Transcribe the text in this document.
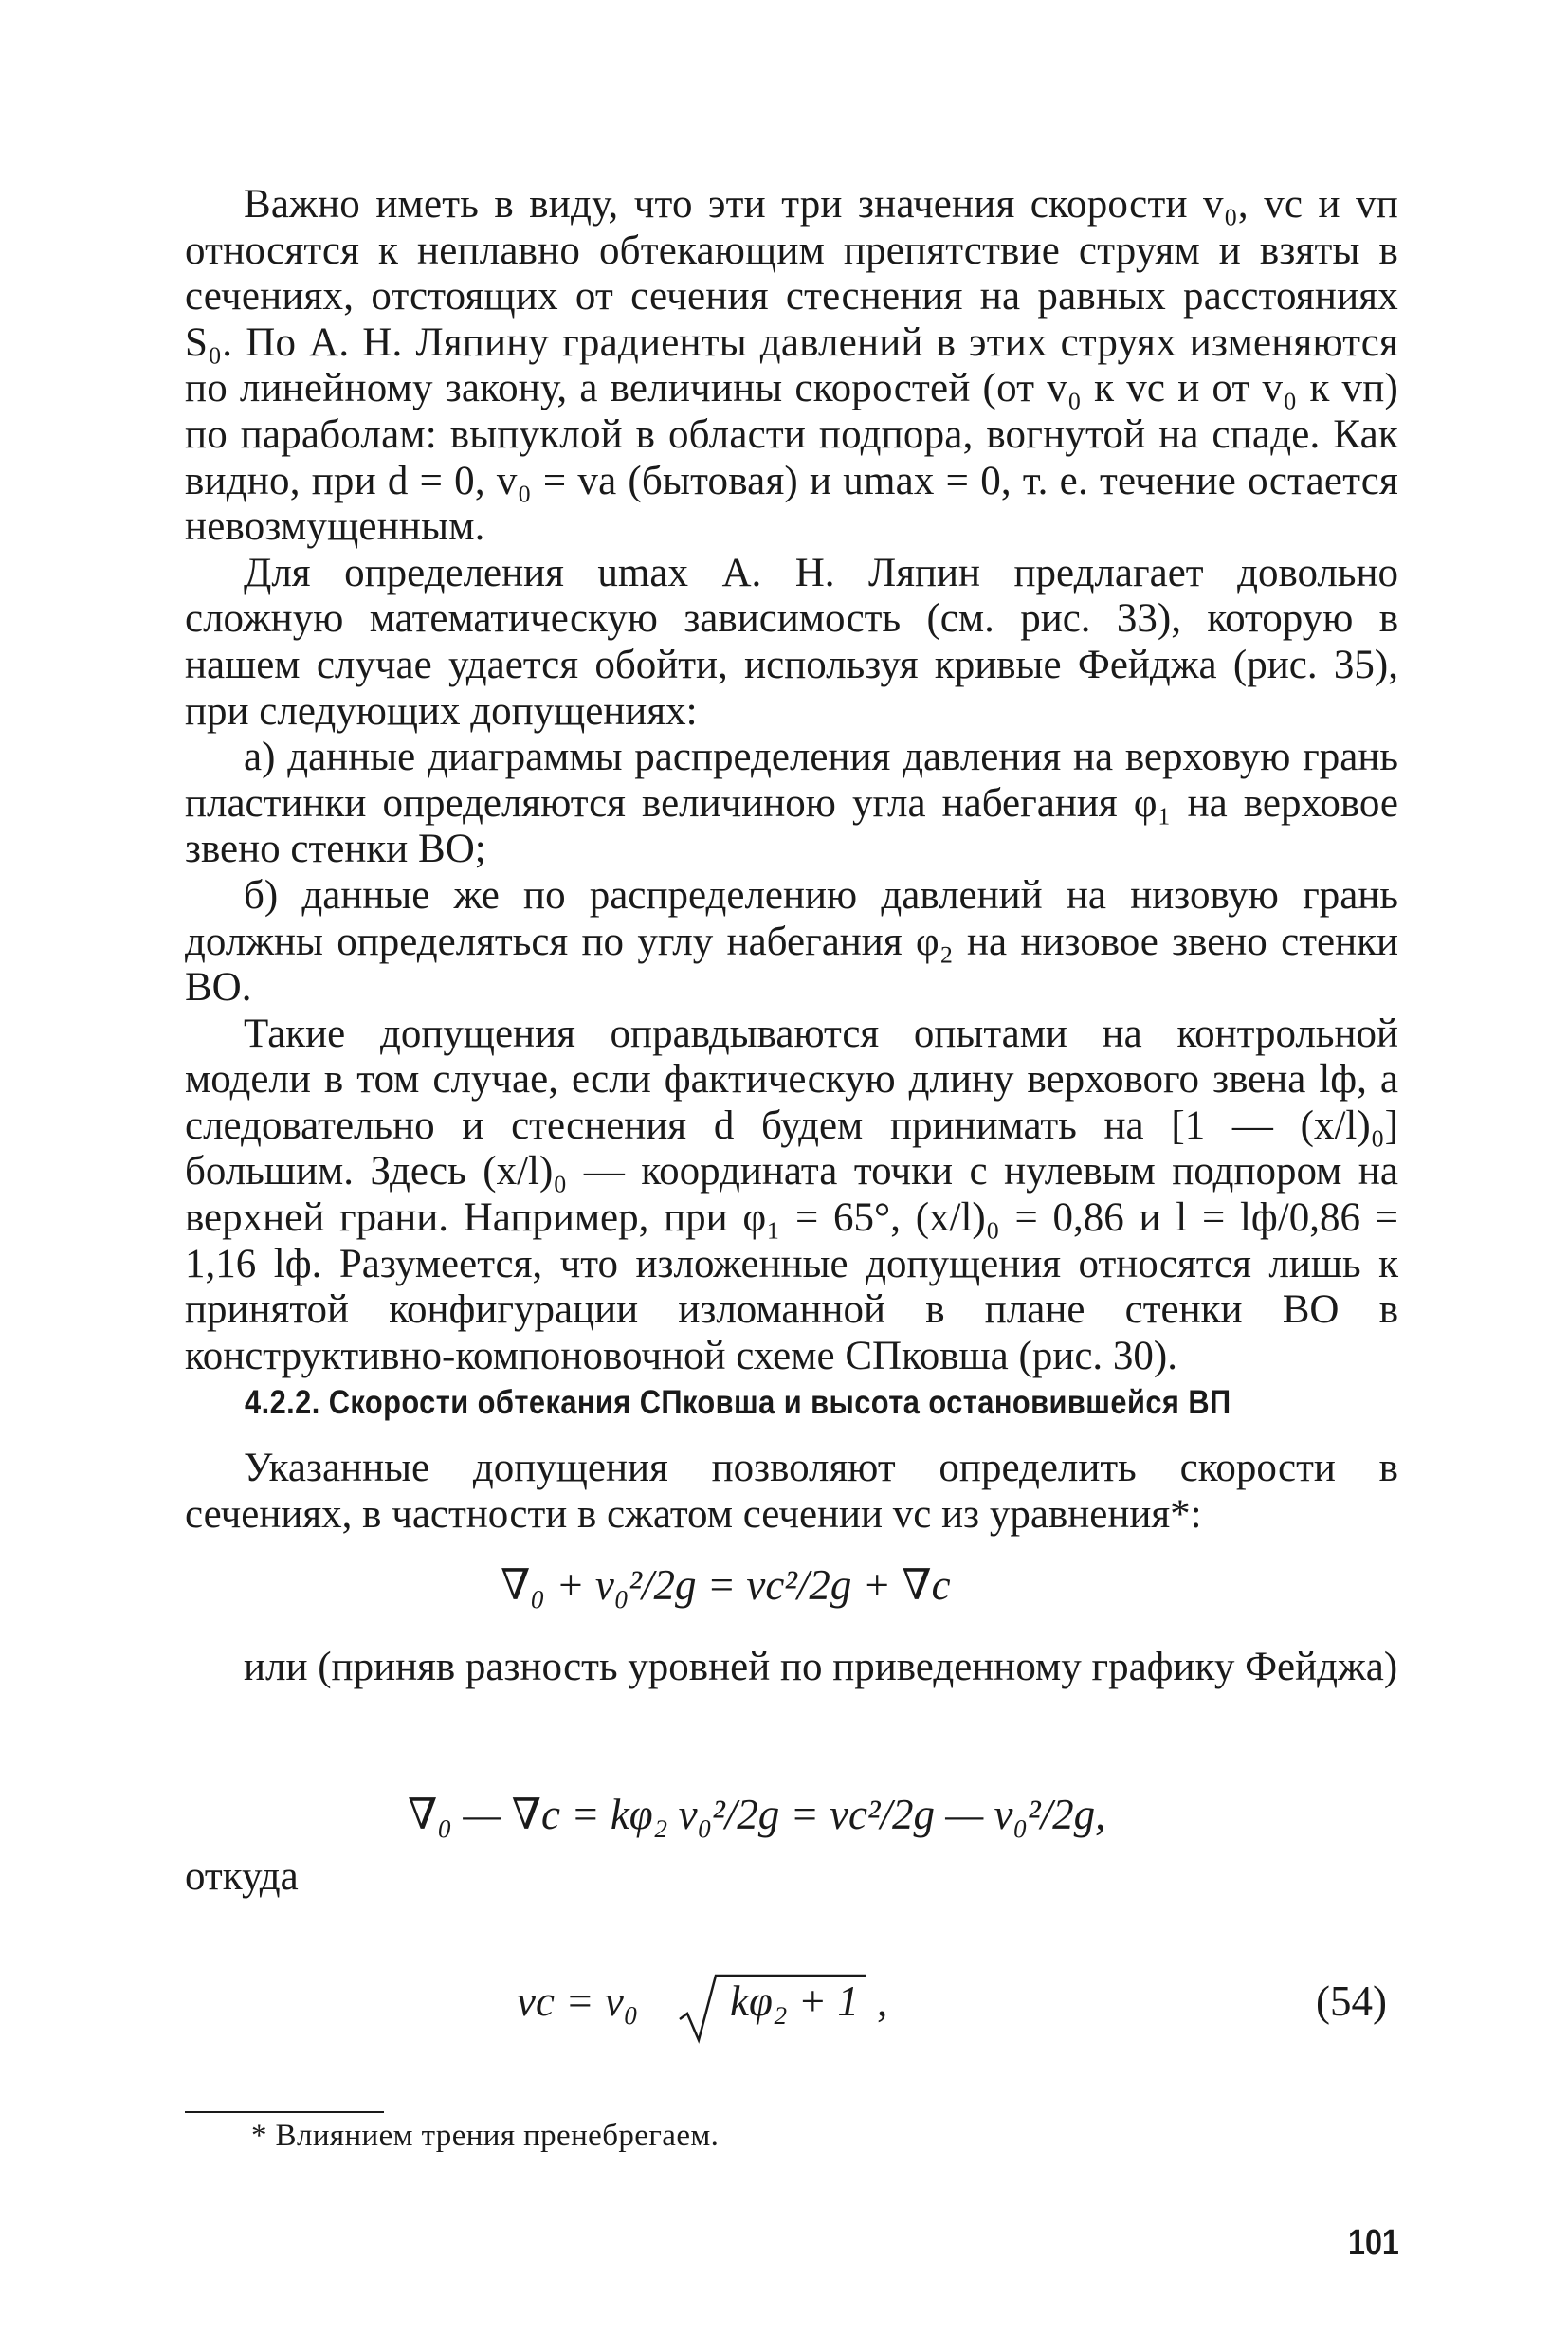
Важно иметь в виду, что эти три значения скорости v₀, vс и vп относятся к неплавно обтекающим препятствие струям и взяты в сечениях, отстоящих от сечения стеснения на равных расстояниях S₀. По А. Н. Ляпину градиенты давлений в этих струях изменяются по линейному закону, а величины скоростей (от v₀ к vс и от v₀ к vп) по параболам: выпуклой в области подпора, вогнутой на спаде. Как видно, при d = 0, v₀ = vа (бытовая) и umax = 0, т. е. течение остается невозмущенным.

Для определения umax А. Н. Ляпин предлагает довольно сложную математическую зависимость (см. рис. 33), которую в нашем случае удается обойти, используя кривые Фейджа (рис. 35), при следующих допущениях:

а) данные диаграммы распределения давления на верховую грань пластинки определяются величиною угла набегания φ₁ на верховое звено стенки ВО;

б) данные же по распределению давлений на низовую грань должны определяться по углу набегания φ₂ на низовое звено стенки ВО.

Такие допущения оправдываются опытами на контрольной модели в том случае, если фактическую длину верхового звена lф, а следовательно и стеснения d будем принимать на [1 — (x/l)₀] большим. Здесь (x/l)₀ — координата точки с нулевым подпором на верхней грани. Например, при φ₁ = 65°, (x/l)₀ = 0,86 и l = lф/0,86 = 1,16 lф. Разумеется, что изложенные допущения относятся лишь к принятой конфигурации изломанной в плане стенки ВО в конструктивно-компоновочной схеме СПковша (рис. 30).

4.2.2. Скорости обтекания СПковша и высота остановившейся ВП

Указанные допущения позволяют определить скорости в сечениях, в частности в сжатом сечении vс из уравнения*:

∇₀ + v₀²/2g = vс²/2g + ∇с

или (приняв разность уровней по приведенному графику Фейджа)

∇₀ — ∇с = kφ₂ v₀²/2g = vс²/2g — v₀²/2g,
откуда
vс = v₀ kφ₂ + 1 ,	(54)
* Влиянием трения пренебрегаем.
101
